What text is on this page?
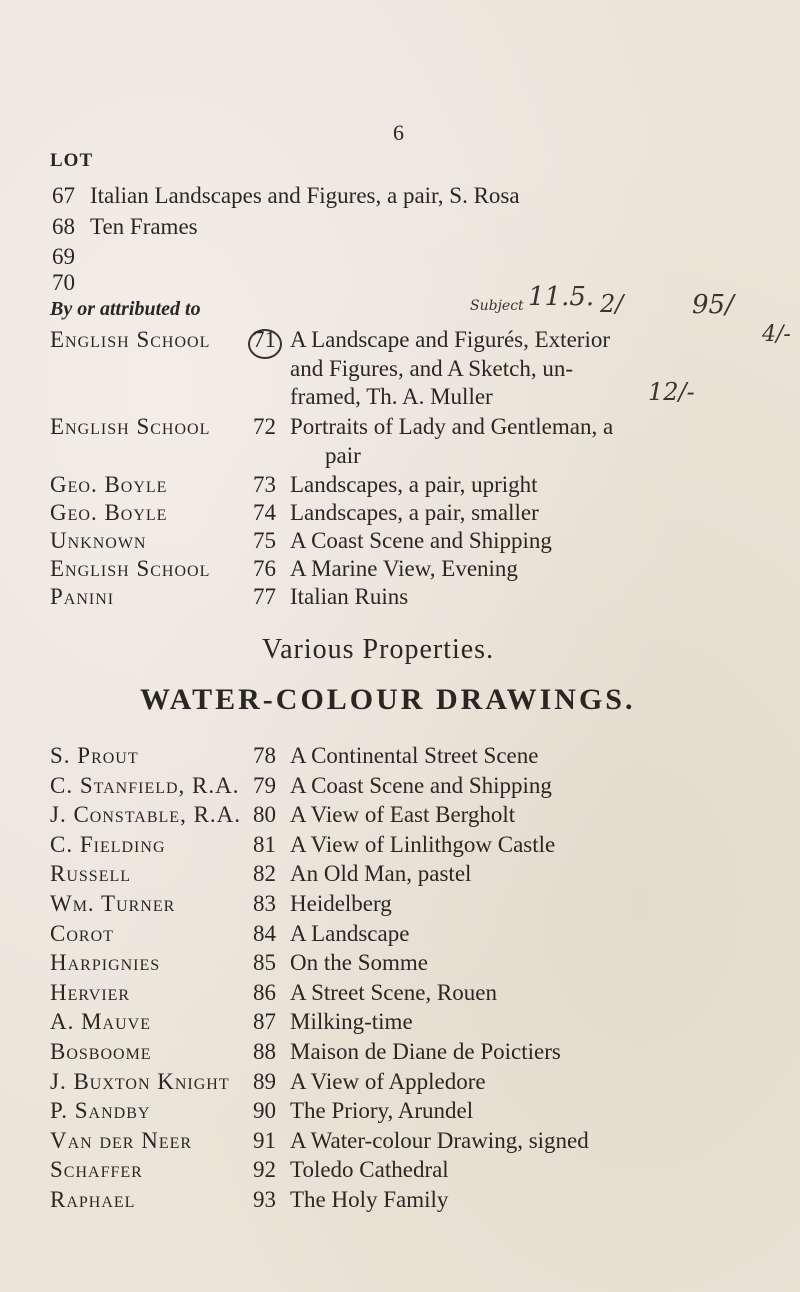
6
LOT
67 Italian Landscapes and Figures, a pair, S. Rosa
68 Ten Frames
69
70
By or attributed to	Subject 11.5. 2/	95/
4/-
12/-
English School	71 A Landscape and Figurés, Exterior
and Figures, and A Sketch, un-
framed, Th. A. Muller
English School	72 Portraits of Lady and Gentleman, a
pair
Geo. Boyle	73 Landscapes, a pair, upright
Geo. Boyle	74 Landscapes, a pair, smaller
Unknown	75 A Coast Scene and Shipping
English School	76 A Marine View, Evening
Panini	77 Italian Ruins
Various Properties.
WATER-COLOUR DRAWINGS.
S. Prout	78 A Continental Street Scene
C. Stanfield, R.A. 79 A Coast Scene and Shipping
J. Constable, R.A. 80 A View of East Bergholt
C. Fielding	81 A View of Linlithgow Castle
Russell	82 An Old Man, pastel
Wm. Turner	83 Heidelberg
Corot	84 A Landscape
Harpignies	85 On the Somme
Hervier	86 A Street Scene, Rouen
A. Mauve	87 Milking-time
Bosboome	88 Maison de Diane de Poictiers
J. Buxton Knight	89 A View of Appledore
P. Sandby	90 The Priory, Arundel
Van der Neer	91 A Water-colour Drawing, signed
Schaffer	92 Toledo Cathedral
Raphael	93 The Holy Family
